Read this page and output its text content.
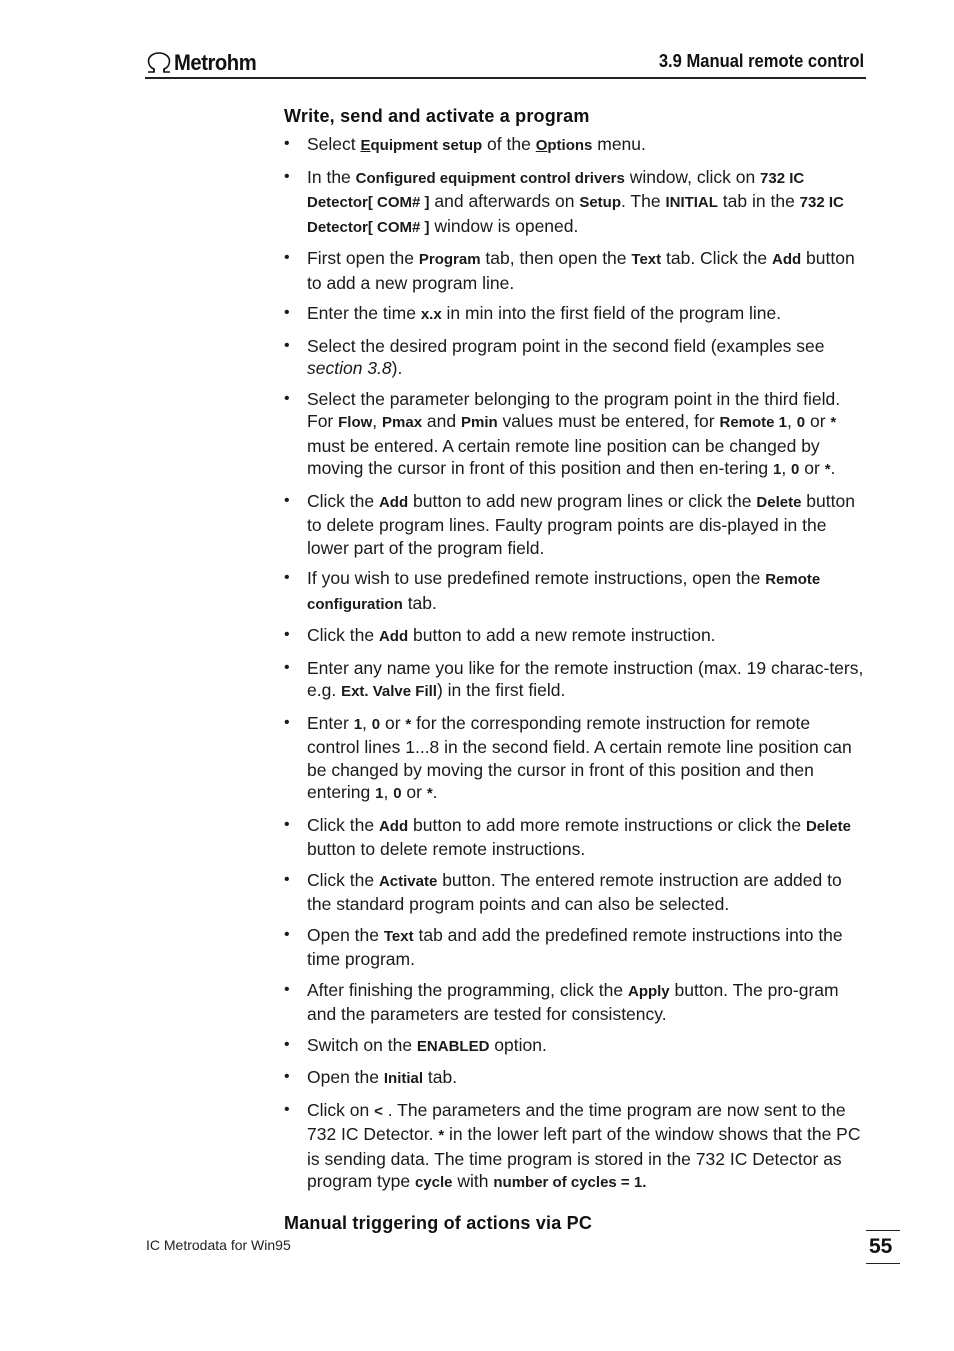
Metrohm	3.9 Manual remote control
Write, send and activate a program
• Select Equipment setup of the Options menu.
• In the Configured equipment control drivers window, click on 732 IC Detector[ COM# ] and afterwards on Setup. The INITIAL tab in the 732 IC Detector[ COM# ] window is opened.
• First open the Program tab, then open the Text tab. Click the Add button to add a new program line.
• Enter the time x.x in min into the first field of the program line.
• Select the desired program point in the second field (examples see section 3.8).
• Select the parameter belonging to the program point in the third field. For Flow, Pmax and Pmin values must be entered, for Remote 1, 0 or * must be entered. A certain remote line position can be changed by moving the cursor in front of this position and then en-tering 1, 0 or *.
• Click the Add button to add new program lines or click the Delete button to delete program lines. Faulty program points are dis-played in the lower part of the program field.
• If you wish to use predefined remote instructions, open the Remote configuration tab.
• Click the Add button to add a new remote instruction.
• Enter any name you like for the remote instruction (max. 19 charac-ters, e.g. Ext. Valve Fill) in the first field.
• Enter 1, 0 or * for the corresponding remote instruction for remote control lines 1...8 in the second field. A certain remote line position can be changed by moving the cursor in front of this position and then entering 1, 0 or *.
• Click the Add button to add more remote instructions or click the Delete button to delete remote instructions.
• Click the Activate button. The entered remote instruction are added to the standard program points and can also be selected.
• Open the Text tab and add the predefined remote instructions into the time program.
• After finishing the programming, click the Apply button. The pro-gram and the parameters are tested for consistency.
• Switch on the ENABLED option.
• Open the Initial tab.
• Click on < . The parameters and the time program are now sent to the 732 IC Detector. * in the lower left part of the window shows that the PC is sending data. The time program is stored in the 732 IC Detector as program type cycle with number of cycles = 1.
Manual triggering of actions via PC
IC Metrodata for Win95	55
